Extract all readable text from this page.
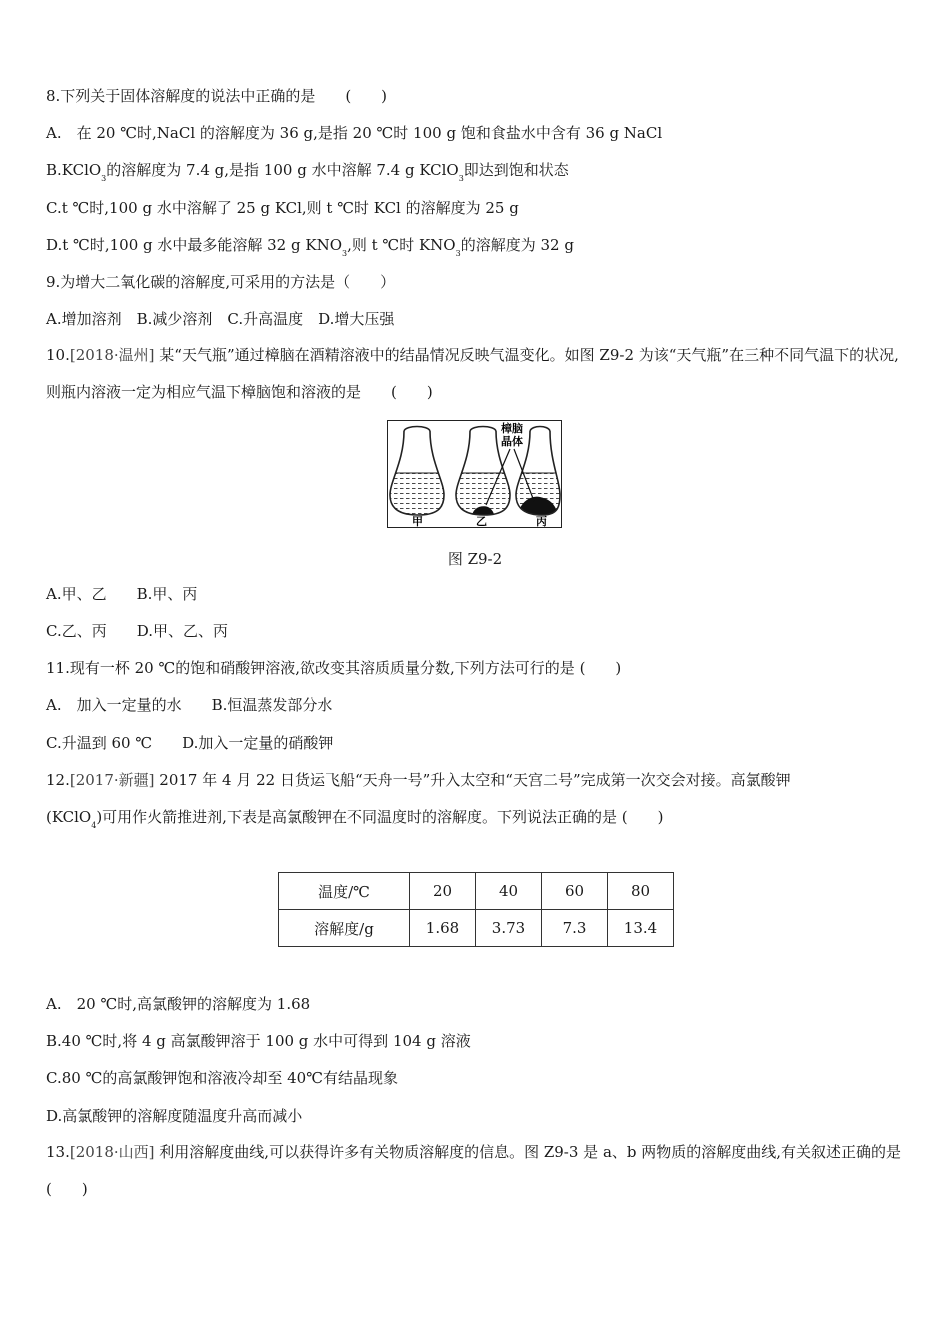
8.下列关于固体溶解度的说法中正确的是　　(　　)
A.　在 20 ℃时,NaCl 的溶解度为 36 g,是指 20 ℃时 100 g 饱和食盐水中含有 36 g NaCl
B.KClO$_3$的溶解度为 7.4 g,是指 100 g 水中溶解 7.4 g KClO$_3$即达到饱和状态
C.t ℃时,100 g 水中溶解了 25 g KCl,则 t ℃时 KCl 的溶解度为 25 g
D.t ℃时,100 g 水中最多能溶解 32 g $KNO_3$,则 t ℃时 $KNO_3$的溶解度为 32 g
9.为增大二氧化碳的溶解度,可采用的方法是（　　）
A.增加溶剂　B.减少溶剂　C.升高温度　D.增大压强
10.[2018·温州] 某“天气瓶”通过樟脑在酒精溶液中的结晶情况反映气温变化。如图 Z9-2 为该“天气瓶”在三种不同气温下的状况,则瓶内溶液一定为相应气温下樟脑饱和溶液的是　　(　　)
樟脑
晶体
甲	乙	丙
图 Z9-2
A.甲、乙　　B.甲、丙
C.乙、丙　　D.甲、乙、丙
11.现有一杯 20 ℃的饱和硝酸钾溶液,欲改变其溶质质量分数,下列方法可行的是 (　　)
A.　加入一定量的水　　B.恒温蒸发部分水
C.升温到 60 ℃　　D.加入一定量的硝酸钾
12.[2017·新疆] 2017 年 4 月 22 日货运飞船“天舟一号”升入太空和“天宫二号”完成第一次交会对接。高氯酸钾
(KClO$_4$)可用作火箭推进剂,下表是高氯酸钾在不同温度时的溶解度。下列说法正确的是 (　　)
温度/℃	20	40	60	80
溶解度/g	1.68	3.73	7.3	13.4
A.　20 ℃时,高氯酸钾的溶解度为 1.68
B.40 ℃时,将 4 g 高氯酸钾溶于 100 g 水中可得到 104 g 溶液
C.80 ℃的高氯酸钾饱和溶液冷却至 40℃有结晶现象
D.高氯酸钾的溶解度随温度升高而减小
13.[2018·山西] 利用溶解度曲线,可以获得许多有关物质溶解度的信息。图 Z9-3 是 a、b 两物质的溶解度曲线,有关叙述正确的是　　(　　)
